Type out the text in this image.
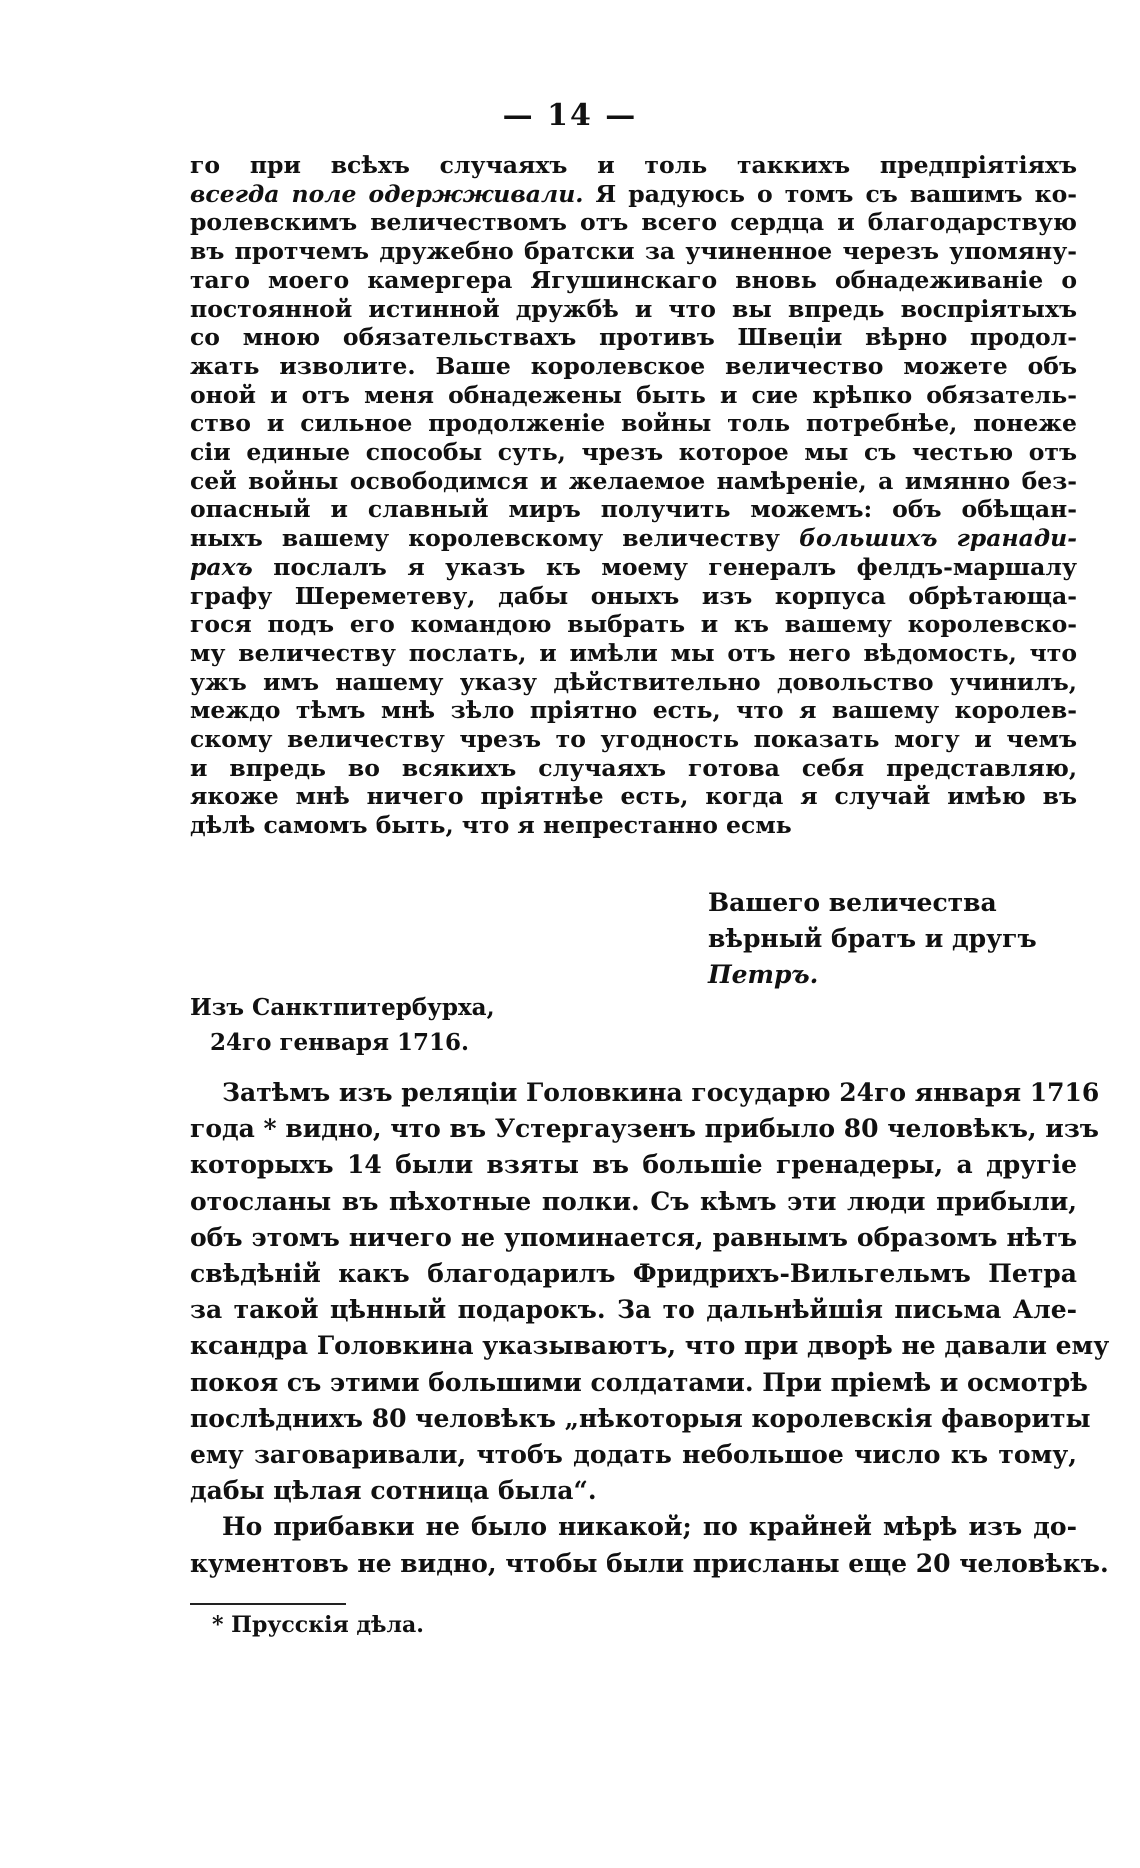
— 14 —
го при всѣхъ случаяхъ и толь таккихъ предпріятіяхъ
всегда поле одержживали. Я радуюсь о томъ съ вашимъ ко-
ролевскимъ величествомъ отъ всего сердца и благодарствую
въ протчемъ дружебно братски за учиненное черезъ упомяну-
таго моего камергера Ягушинскаго вновь обнадеживаніе о
постоянной истинной дружбѣ и что вы впредь воспріятыхъ
со мною обязательствахъ противъ Швеціи вѣрно продол-
жать изволите. Ваше королевское величество можете объ
оной и отъ меня обнадежены быть и сие крѣпко обязатель-
ство и сильное продолженіе войны толь потребнѣе, понеже
сіи единые способы суть, чрезъ которое мы съ честью отъ
сей войны освободимся и желаемое намѣреніе, а имянно без-
опасный и славный миръ получить можемъ: объ обѣщан-
ныхъ вашему королевскому величеству большихъ гранади-
рахъ послалъ я указъ къ моему генералъ фелдъ-маршалу
графу Шереметеву, дабы оныхъ изъ корпуса обрѣтающа-
гося подъ его командою выбрать и къ вашему королевско-
му величеству послать, и имѣли мы отъ него вѣдомость, что
ужъ имъ нашему указу дѣйствительно довольство учинилъ,
междо тѣмъ мнѣ зѣло пріятно есть, что я вашему королев-
скому величеству чрезъ то угодность показать могу и чемъ
и впредь во всякихъ случаяхъ готова себя представляю,
якоже мнѣ ничего пріятнѣе есть, когда я случай имѣю въ
дѣлѣ самомъ быть, что я непрестанно есмь
Вашего величества
вѣрный братъ и другъ
Петръ.
Изъ Санктпитербурха,
24го генваря 1716.
Затѣмъ изъ реляціи Головкина государю 24го января 1716
года * видно, что въ Устергаузенъ прибыло 80 человѣкъ, изъ
которыхъ 14 были взяты въ большіе гренадеры, а другіе
отосланы въ пѣхотные полки. Съ кѣмъ эти люди прибыли,
объ этомъ ничего не упоминается, равнымъ образомъ нѣтъ
свѣдѣній какъ благодарилъ Фридрихъ-Вильгельмъ Петра
за такой цѣнный подарокъ. За то дальнѣйшія письма Але-
ксандра Головкина указываютъ, что при дворѣ не давали ему
покоя съ этими большими солдатами. При пріемѣ и осмотрѣ
послѣднихъ 80 человѣкъ „нѣкоторыя королевскія фавориты
ему заговаривали, чтобъ додать небольшое число къ тому,
дабы цѣлая сотница была“.
Но прибавки не было никакой; по крайней мѣрѣ изъ до-
кументовъ не видно, чтобы были присланы еще 20 человѣкъ.
* Прусскія дѣла.
